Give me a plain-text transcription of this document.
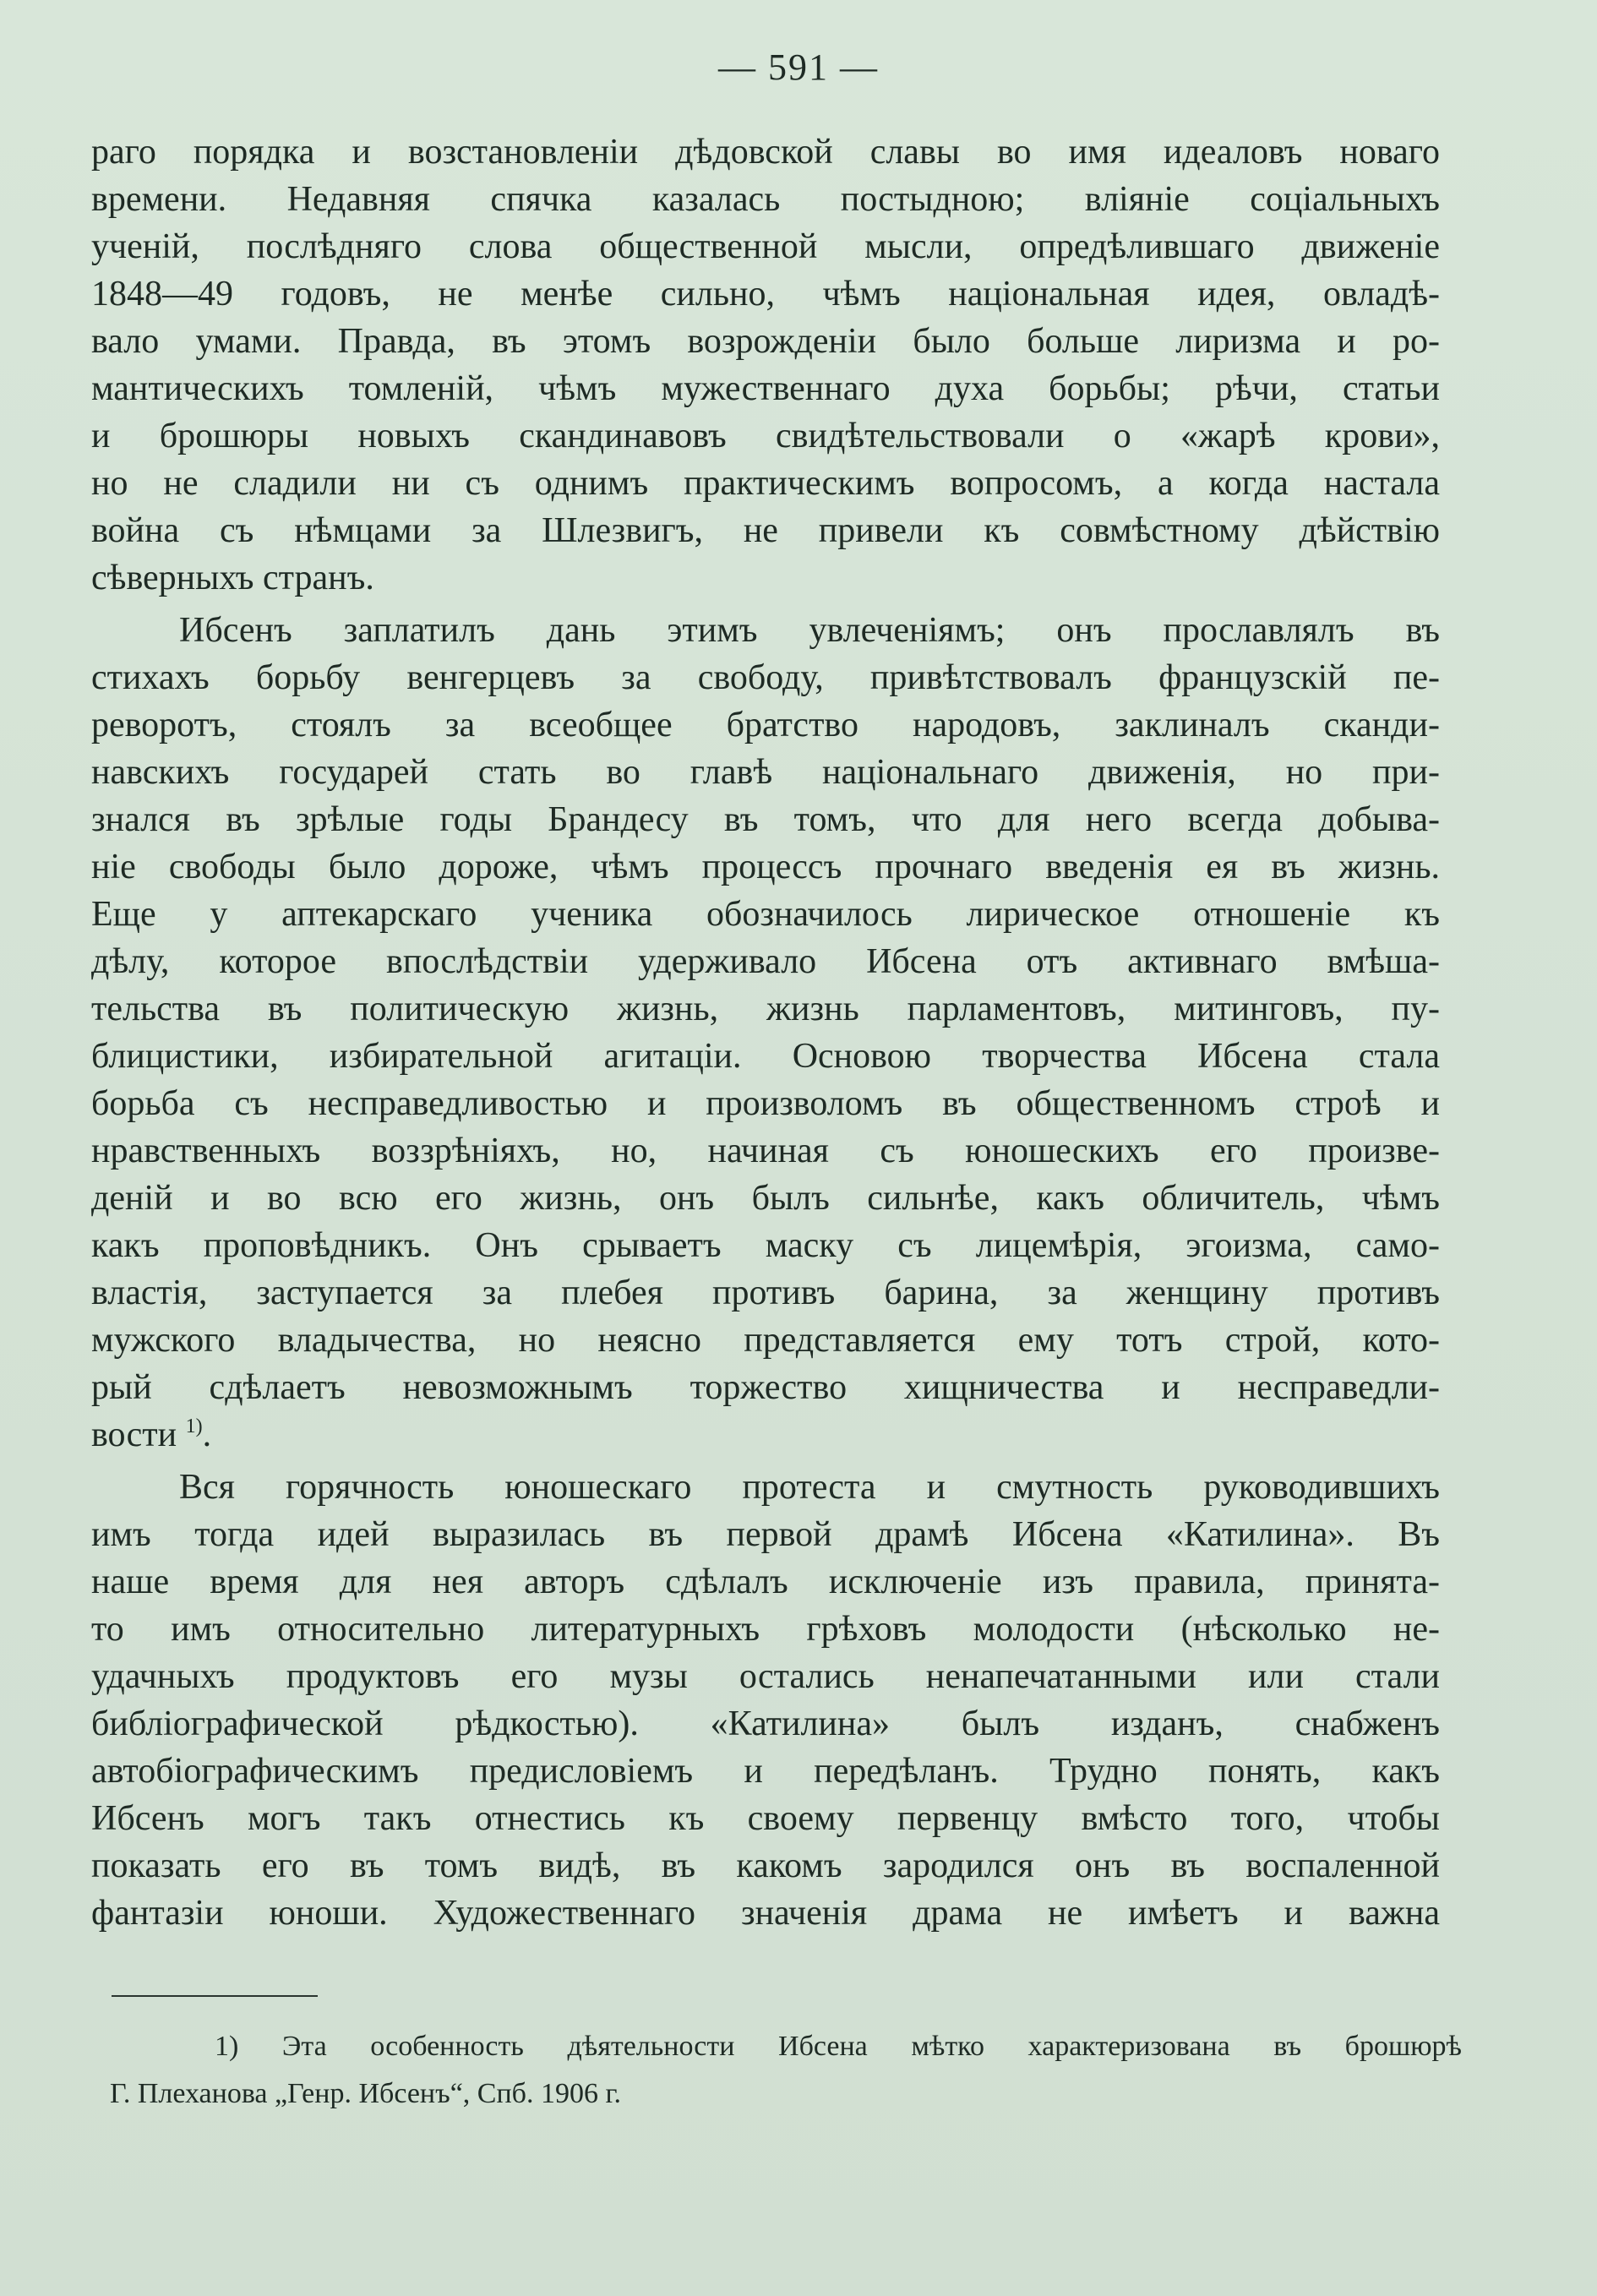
— 591 —

раго порядка и возстановленіи дѣдовской славы во имя идеаловъ новаго

времени. Недавняя спячка казалась постыдною; вліяніе соціальныхъ

ученій, послѣдняго слова общественной мысли, опредѣлившаго движеніе

1848—49 годовъ, не менѣе сильно, чѣмъ національная идея, овладѣ-

вало умами. Правда, въ этомъ возрожденіи было больше лиризма и ро-

мантическихъ томленій, чѣмъ мужественнаго духа борьбы; рѣчи, статьи

и брошюры новыхъ скандинавовъ свидѣтельствовали о «жарѣ крови»,

но не сладили ни съ однимъ практическимъ вопросомъ, а когда настала

война съ нѣмцами за Шлезвигъ, не привели къ совмѣстному дѣйствію

сѣверныхъ странъ.

Ибсенъ заплатилъ дань этимъ увлеченіямъ; онъ прославлялъ въ

стихахъ борьбу венгерцевъ за свободу, привѣтствовалъ французскій пе-

реворотъ, стоялъ за всеобщее братство народовъ, заклиналъ сканди-

навскихъ государей стать во главѣ національнаго движенія, но при-

знался въ зрѣлые годы Брандесу въ томъ, что для него всегда добыва-

ніе свободы было дороже, чѣмъ процессъ прочнаго введенія ея въ жизнь.

Еще у аптекарскаго ученика обозначилось лирическое отношеніе къ

дѣлу, которое впослѣдствіи удерживало Ибсена отъ активнаго вмѣша-

тельства въ политическую жизнь, жизнь парламентовъ, митинговъ, пу-

блицистики, избирательной агитаціи. Основою творчества Ибсена стала

борьба съ несправедливостью и произволомъ въ общественномъ строѣ и

нравственныхъ воззрѣніяхъ, но, начиная съ юношескихъ его произве-

деній и во всю его жизнь, онъ былъ сильнѣе, какъ обличитель, чѣмъ

какъ проповѣдникъ. Онъ срываетъ маску съ лицемѣрія, эгоизма, само-

властія, заступается за плебея противъ барина, за женщину противъ

мужского владычества, но неясно представляется ему тотъ строй, кото-

рый сдѣлаетъ невозможнымъ торжество хищничества и несправедли-

вости $^{1)}$.

Вся горячность юношескаго протеста и смутность руководившихъ

имъ тогда идей выразилась въ первой драмѣ Ибсена «Катилина». Въ

наше время для нея авторъ сдѣлалъ исключеніе изъ правила, принята-

то имъ относительно литературныхъ грѣховъ молодости (нѣсколько не-

удачныхъ продуктовъ его музы остались ненапечатанными или стали

библіографической рѣдкостью). «Катилина» былъ изданъ, снабженъ

автобіографическимъ предисловіемъ и передѣланъ. Трудно понять, какъ

Ибсенъ могъ такъ отнестись къ своему первенцу вмѣсто того, чтобы

показать его въ томъ видѣ, въ какомъ зародился онъ въ воспаленной

фантазіи юноши. Художественнаго значенія драма не имѣетъ и важна

1) Эта особенность дѣятельности Ибсена мѣтко характеризована въ брошюрѣ

Г. Плеханова „Генр. Ибсенъ“, Спб. 1906 г.
